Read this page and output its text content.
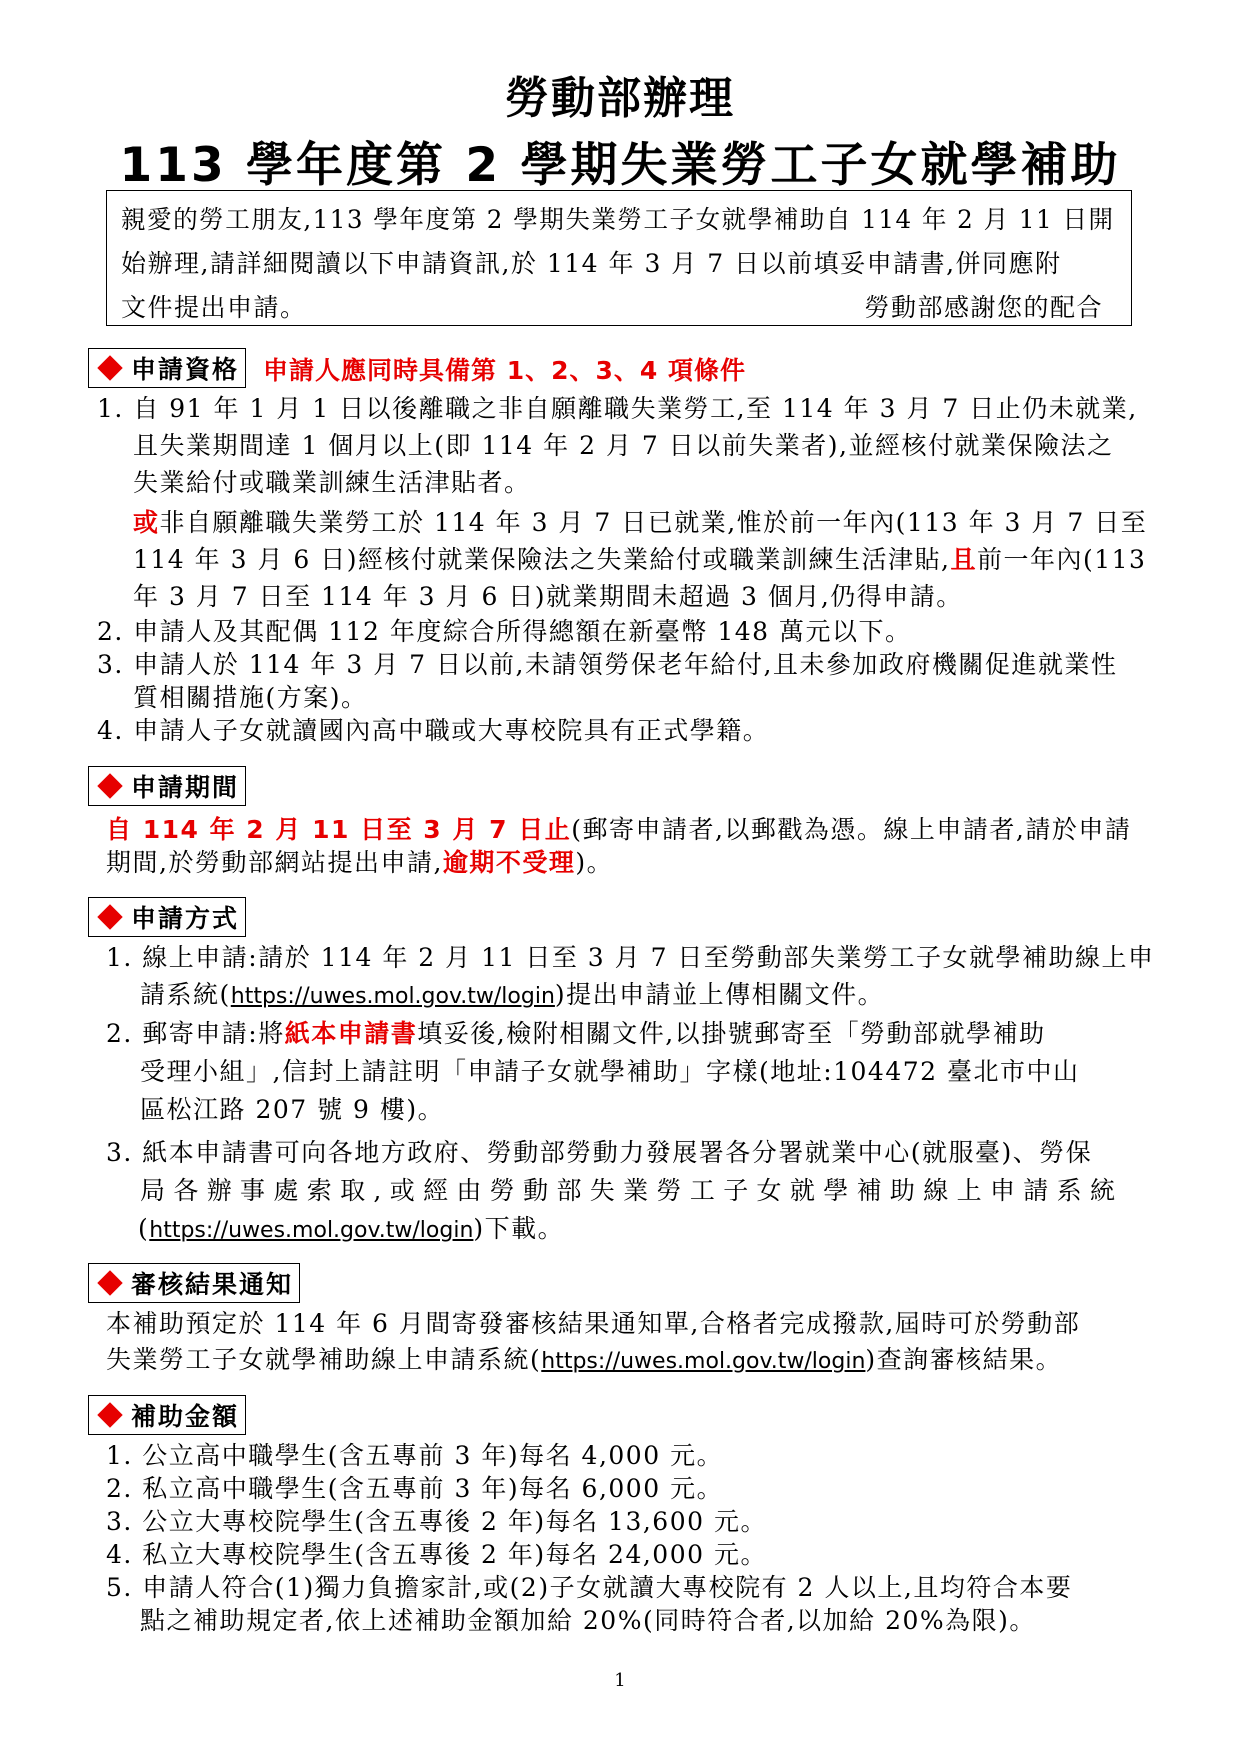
勞動部辦理
113 學年度第 2 學期失業勞工子女就學補助
親愛的勞工朋友,113 學年度第 2 學期失業勞工子女就學補助自 114 年 2 月 11 日開
始辦理,請詳細閱讀以下申請資訊,於 114 年 3 月 7 日以前填妥申請書,併同應附
文件提出申請。	勞動部感謝您的配合
申請資格 申請人應同時具備第 1、2、3、4 項條件
1. 自 91 年 1 月 1 日以後離職之非自願離職失業勞工,至 114 年 3 月 7 日止仍未就業,
且失業期間達 1 個月以上(即 114 年 2 月 7 日以前失業者),並經核付就業保險法之
失業給付或職業訓練生活津貼者。
或非自願離職失業勞工於 114 年 3 月 7 日已就業,惟於前一年內(113 年 3 月 7 日至
114 年 3 月 6 日)經核付就業保險法之失業給付或職業訓練生活津貼,且前一年內(113
年 3 月 7 日至 114 年 3 月 6 日)就業期間未超過 3 個月,仍得申請。
2. 申請人及其配偶 112 年度綜合所得總額在新臺幣 148 萬元以下。
3. 申請人於 114 年 3 月 7 日以前,未請領勞保老年給付,且未參加政府機關促進就業性
質相關措施(方案)。
4. 申請人子女就讀國內高中職或大專校院具有正式學籍。
申請期間
自 114 年 2 月 11 日至 3 月 7 日止(郵寄申請者,以郵戳為憑。線上申請者,請於申請
期間,於勞動部網站提出申請,逾期不受理)。
申請方式
1. 線上申請:請於 114 年 2 月 11 日至 3 月 7 日至勞動部失業勞工子女就學補助線上申
請系統(https://uwes.mol.gov.tw/login)提出申請並上傳相關文件。
2. 郵寄申請:將紙本申請書填妥後,檢附相關文件,以掛號郵寄至「勞動部就學補助
受理小組」,信封上請註明「申請子女就學補助」字樣(地址:104472 臺北市中山
區松江路 207 號 9 樓)。
3. 紙本申請書可向各地方政府、勞動部勞動力發展署各分署就業中心(就服臺)、勞保
局 各 辦 事 處 索 取 , 或 經 由 勞 動 部 失 業 勞 工 子 女 就 學 補 助 線 上 申 請 系 統
(https://uwes.mol.gov.tw/login)下載。
審核結果通知
本補助預定於 114 年 6 月間寄發審核結果通知單,合格者完成撥款,屆時可於勞動部
失業勞工子女就學補助線上申請系統(https://uwes.mol.gov.tw/login)查詢審核結果。
補助金額
1. 公立高中職學生(含五專前 3 年)每名 4,000 元。
2. 私立高中職學生(含五專前 3 年)每名 6,000 元。
3. 公立大專校院學生(含五專後 2 年)每名 13,600 元。
4. 私立大專校院學生(含五專後 2 年)每名 24,000 元。
5. 申請人符合(1)獨力負擔家計,或(2)子女就讀大專校院有 2 人以上,且均符合本要
點之補助規定者,依上述補助金額加給 20%(同時符合者,以加給 20%為限)。
1
